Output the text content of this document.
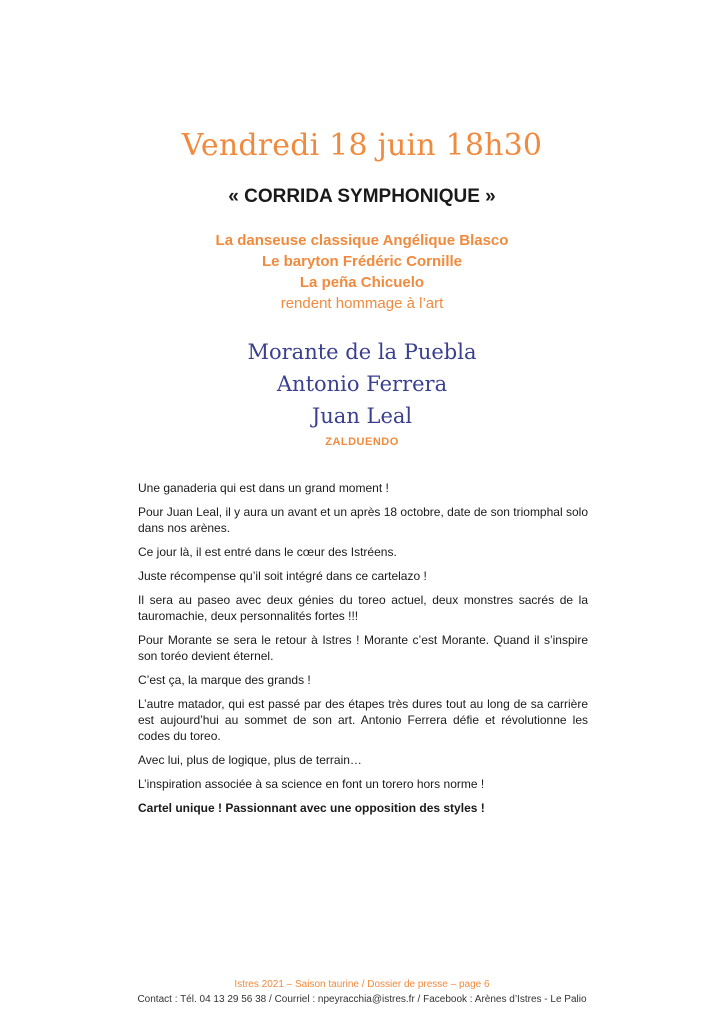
Vendredi 18 juin 18h30
« CORRIDA SYMPHONIQUE »
La danseuse classique Angélique Blasco
Le baryton Frédéric Cornille
La peña Chicuelo
rendent hommage à l’art
Morante de la Puebla
Antonio Ferrera
Juan Leal
ZALDUENDO

Une ganaderia qui est dans un grand moment !

Pour Juan Leal, il y aura un avant et un après 18 octobre, date de son triomphal solo dans nos arènes.

Ce jour là, il est entré dans le cœur des Istréens.

Juste récompense qu’il soit intégré dans ce cartelazo !

Il sera au paseo avec deux génies du toreo actuel, deux monstres sacrés de la tauromachie, deux personnalités fortes !!!

Pour Morante se sera le retour à Istres ! Morante c’est Morante. Quand il s’inspire son toréo devient éternel.

C’est ça, la marque des grands !

L’autre matador, qui est passé par des étapes très dures tout au long de sa carrière est aujourd’hui au sommet de son art. Antonio Ferrera défie et révolutionne les codes du toreo.

Avec lui, plus de logique, plus de terrain…

L’inspiration associée à sa science en font un torero hors norme !

Cartel unique ! Passionnant avec une opposition des styles !

Istres 2021 – Saison taurine / Dossier de presse – page 6
Contact : Tél. 04 13 29 56 38 / Courriel : npeyracchia@istres.fr / Facebook : Arènes d’Istres - Le Palio
